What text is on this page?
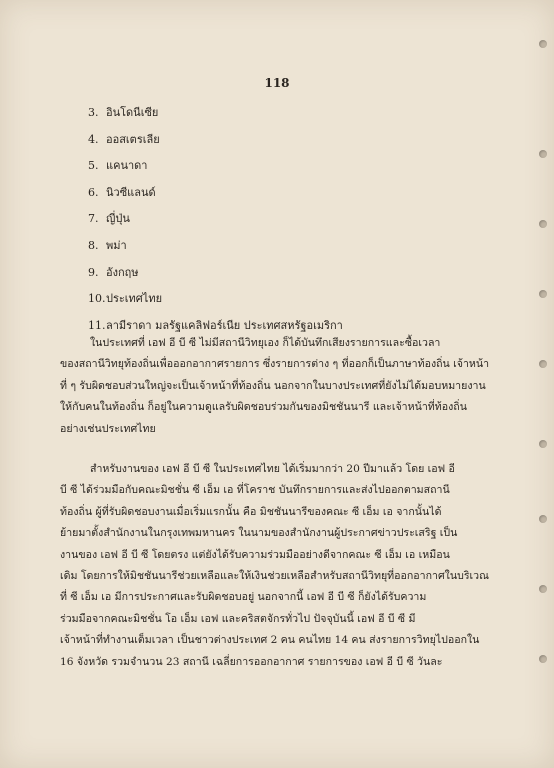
118
3. อินโดนีเซีย
4. ออสเตรเลีย
5. แคนาดา
6. นิวซีแลนด์
7. ญี่ปุ่น
8. พม่า
9. อังกฤษ
10. ประเทศไทย
11. ลามีราดา มลรัฐแคลิฟอร์เนีย ประเทศสหรัฐอเมริกา
ในประเทศที่ เอฟ อี บี ซี ไม่มีสถานีวิทยุเอง ก็ได้บันทึกเสียงรายการและซื้อเวลา
ของสถานีวิทยุท้องถิ่นเพื่อออกอากาศรายการ ซึ่งรายการต่าง ๆ ที่ออกก็เป็นภาษาท้องถิ่น เจ้าหน้า
ที่ ๆ รับผิดชอบส่วนใหญ่จะเป็นเจ้าหน้าที่ท้องถิ่น นอกจากในบางประเทศที่ยังไม่ได้มอบหมายงาน
ให้กับคนในท้องถิ่น ก็อยู่ในความดูแลรับผิดชอบร่วมกันของมิชชันนารี และเจ้าหน้าที่ท้องถิ่น
อย่างเช่นประเทศไทย
สำหรับงานของ เอฟ อี บี ซี ในประเทศไทย ได้เริ่มมากว่า 20 ปีมาแล้ว โดย เอฟ อี
บี ซี ได้ร่วมมือกับคณะมิชชั่น ซี เอ็ม เอ ที่โคราช บันทึกรายการและส่งไปออกตามสถานี
ท้องถิ่น ผู้ที่รับผิดชอบงานเมื่อเริ่มแรกนั้น คือ มิชชันนารีของคณะ ซี เอ็ม เอ จากนั้นได้
ย้ายมาตั้งสำนักงานในกรุงเทพมหานคร ในนามของสำนักงานผู้ประกาศข่าวประเสริฐ เป็น
งานของ เอฟ อี บี ซี โดยตรง แต่ยังได้รับความร่วมมืออย่างดีจากคณะ ซี เอ็ม เอ เหมือน
เดิม โดยการให้มิชชันนารีช่วยเหลือและให้เงินช่วยเหลือสำหรับสถานีวิทยุที่ออกอากาศในบริเวณ
ที่ ซี เอ็ม เอ มีการประกาศและรับผิดชอบอยู่ นอกจากนี้ เอฟ อี บี ซี ก็ยังได้รับความ
ร่วมมือจากคณะมิชชั่น โอ เอ็ม เอฟ และคริสตจักรทั่วไป ปัจจุบันนี้ เอฟ อี บี ซี มี
เจ้าหน้าที่ทำงานเต็มเวลา เป็นชาวต่างประเทศ 2 คน คนไทย 14 คน ส่งรายการวิทยุไปออกใน
16 จังหวัด รวมจำนวน 23 สถานี เฉลี่ยการออกอากาศ รายการของ เอฟ อี บี ซี วันละ
